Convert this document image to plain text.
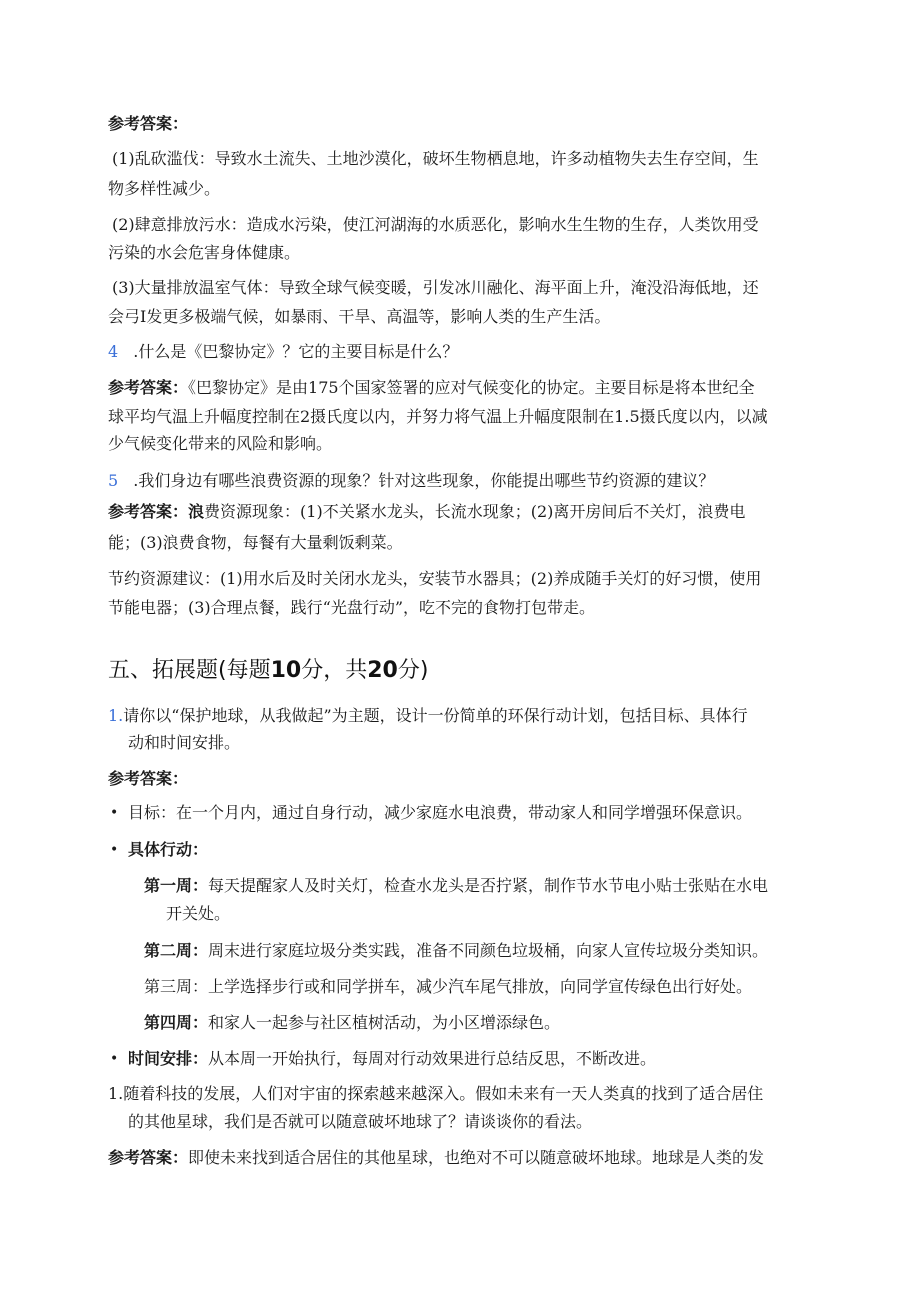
参考答案：
(1)乱砍滥伐：导致水土流失、土地沙漠化，破坏生物栖息地，许多动植物失去生存空间，生
物多样性减少。
(2)肆意排放污水：造成水污染，使江河湖海的水质恶化，影响水生生物的生存，人类饮用受
污染的水会危害身体健康。
(3)大量排放温室气体：导致全球气候变暖，引发冰川融化、海平面上升，淹没沿海低地，还
会弓I发更多极端气候，如暴雨、干旱、高温等，影响人类的生产生活。
4 .什么是《巴黎协定》？它的主要目标是什么？
参考答案：《巴黎协定》是由175个国家签署的应对气候变化的协定。主要目标是将本世纪全
球平均气温上升幅度控制在2摄氏度以内，并努力将气温上升幅度限制在1.5摄氏度以内，以减
少气候变化带来的风险和影响。
5 .我们身边有哪些浪费资源的现象？针对这些现象，你能提出哪些节约资源的建议？
参考答案：浪费资源现象：(1)不关紧水龙头，长流水现象；(2)离开房间后不关灯，浪费电
能；(3)浪费食物，每餐有大量剩饭剩菜。
节约资源建议：(1)用水后及时关闭水龙头，安装节水器具；(2)养成随手关灯的好习惯，使用
节能电器；(3)合理点餐，践行“光盘行动”，吃不完的食物打包带走。
五、拓展题(每题10分，共20分)
1.请你以“保护地球，从我做起”为主题，设计一份简单的环保行动计划，包括目标、具体行
动和时间安排。
参考答案：
• 目标：在一个月内，通过自身行动，减少家庭水电浪费，带动家人和同学增强环保意识。
• 具体行动：
第一周：每天提醒家人及时关灯，检查水龙头是否拧紧，制作节水节电小贴士张贴在水电
开关处。
第二周：周末进行家庭垃圾分类实践，准备不同颜色垃圾桶，向家人宣传垃圾分类知识。
第三周：上学选择步行或和同学拼车，减少汽车尾气排放，向同学宣传绿色出行好处。
第四周：和家人一起参与社区植树活动，为小区增添绿色。
• 时间安排：从本周一开始执行，每周对行动效果进行总结反思，不断改进。
1.随着科技的发展，人们对宇宙的探索越来越深入。假如未来有一天人类真的找到了适合居住
的其他星球，我们是否就可以随意破坏地球了？请谈谈你的看法。
参考答案：即使未来找到适合居住的其他星球，也绝对不可以随意破坏地球。地球是人类的发
